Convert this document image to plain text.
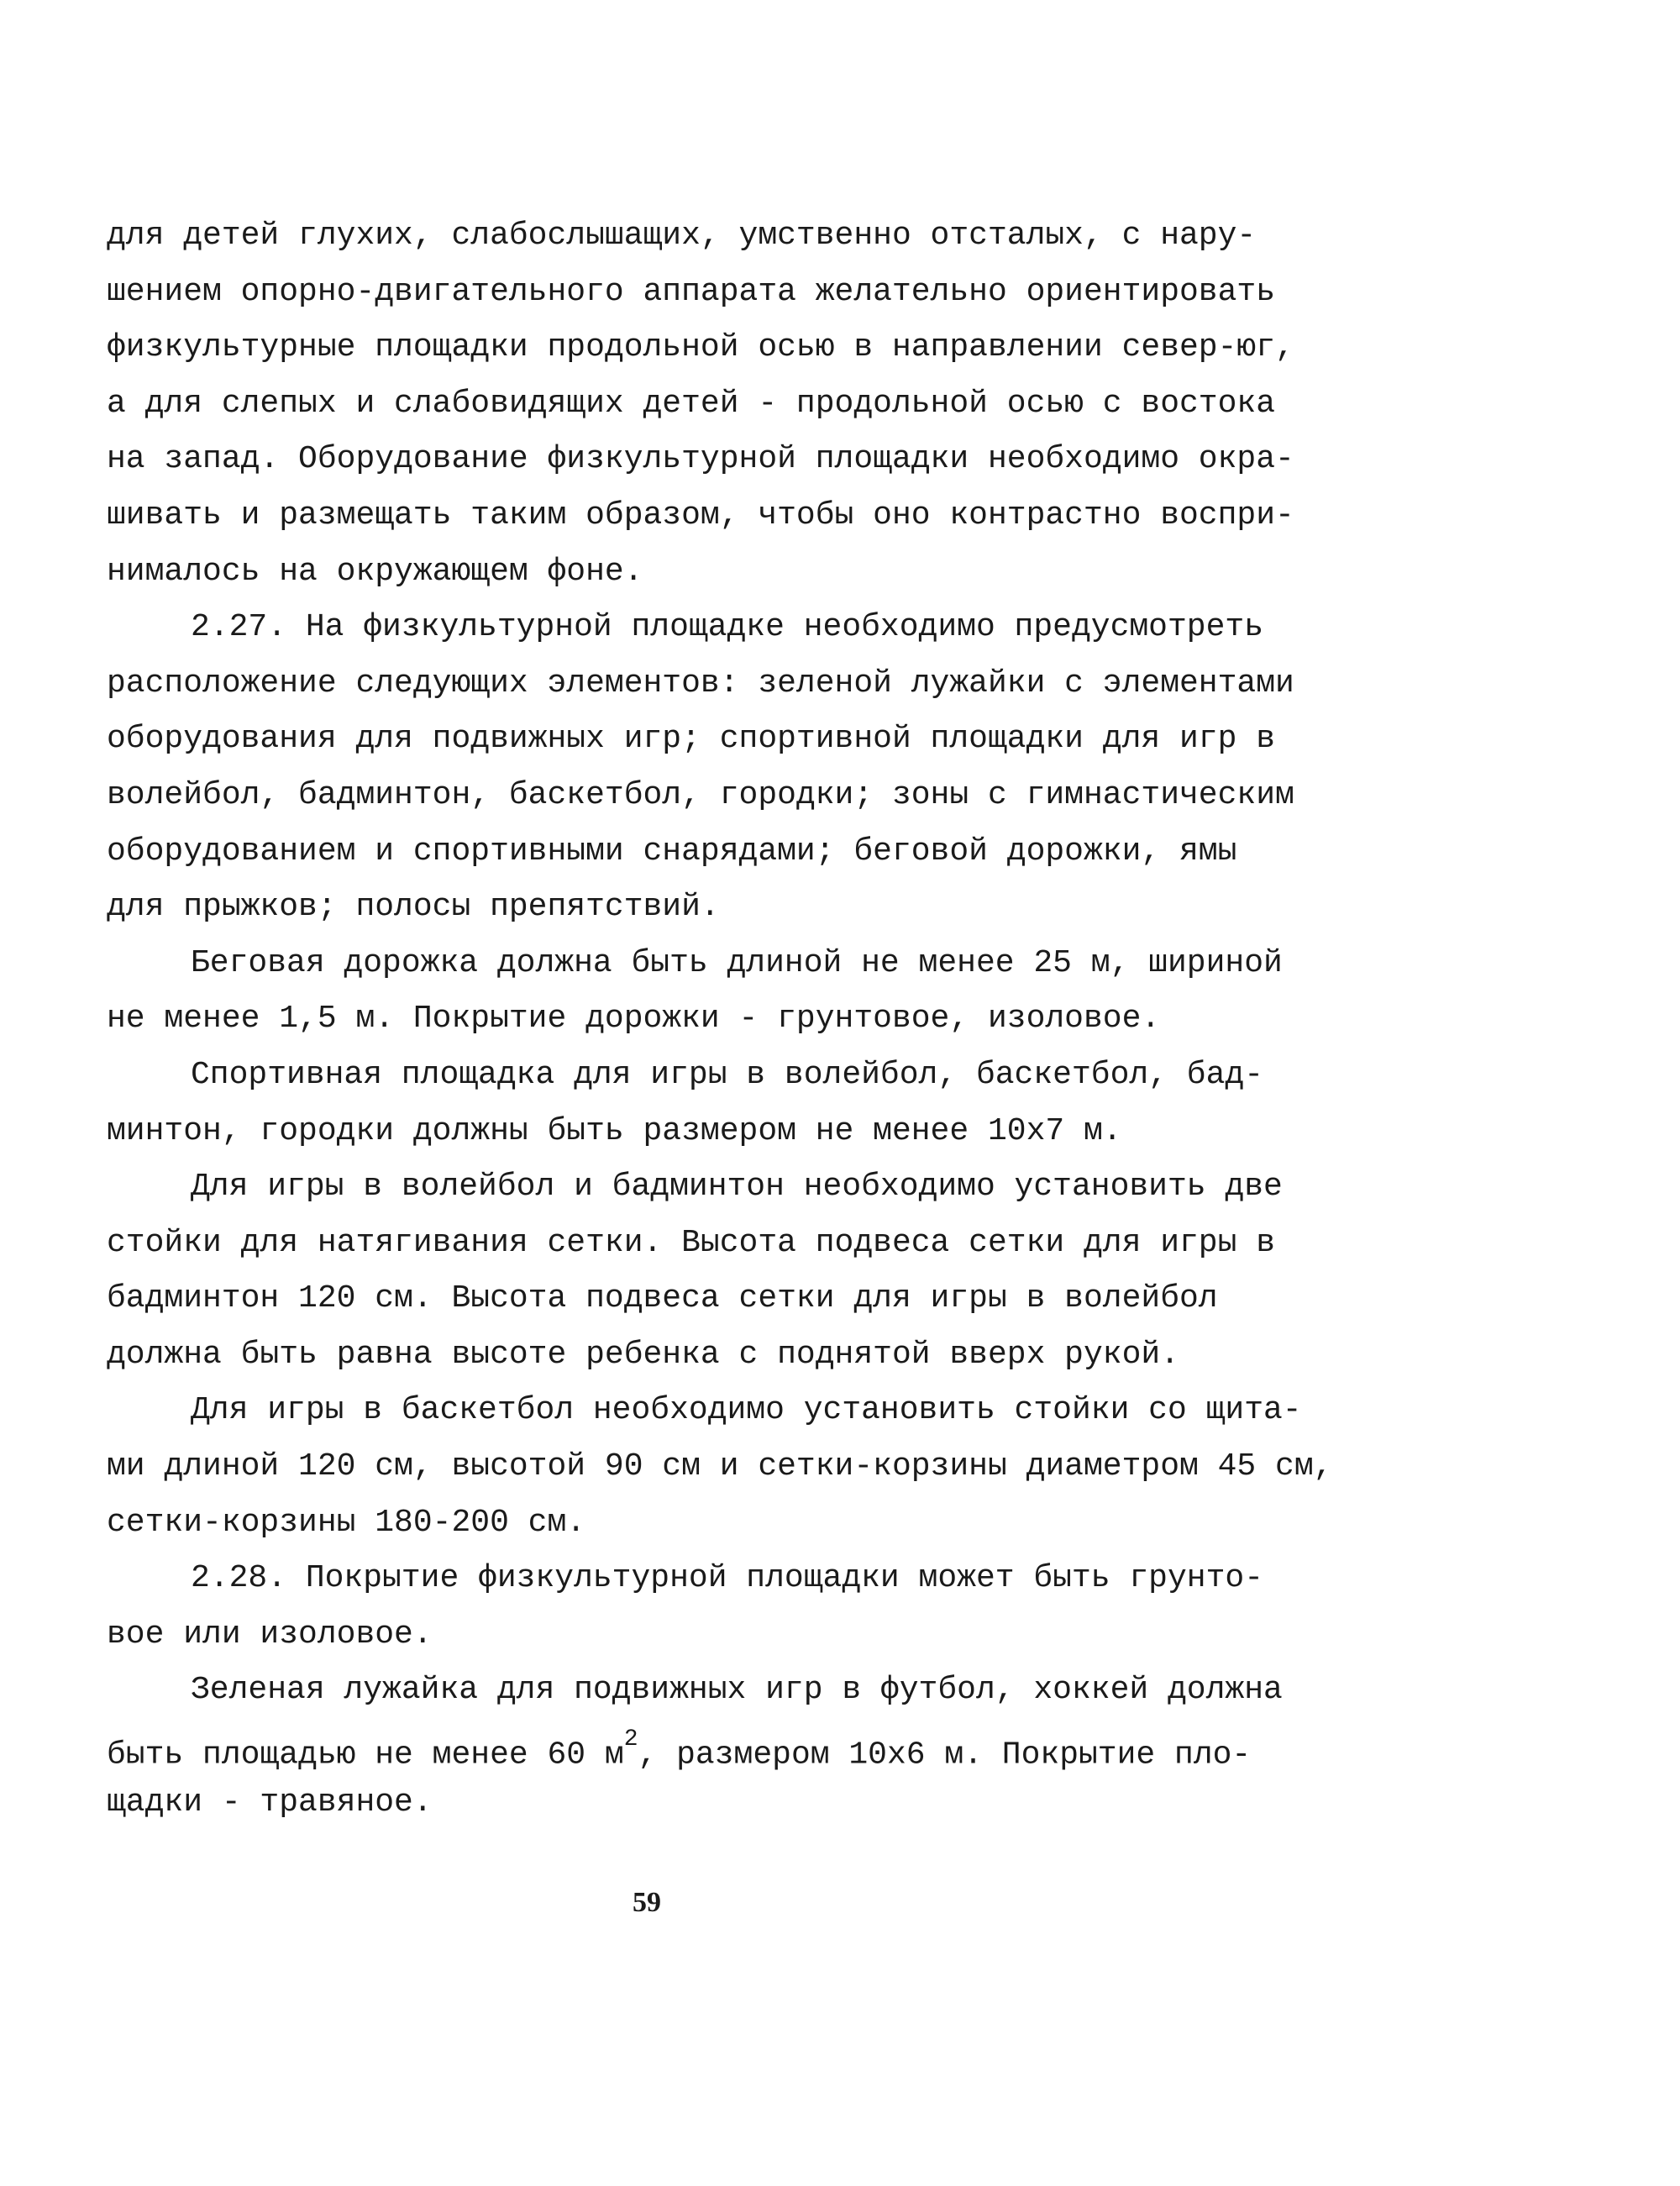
для детей глухих, слабослышащих, умственно отсталых, с нару-
шением опорно-двигательного аппарата желательно ориентировать
физкультурные площадки продольной осью в направлении север-юг,
а для слепых и слабовидящих детей - продольной осью с востока
на запад. Оборудование физкультурной площадки необходимо окра-
шивать и размещать таким образом, чтобы оно контрастно воспри-
нималось на окружающем фоне.
2.27. На физкультурной площадке необходимо предусмотреть
расположение следующих элементов: зеленой лужайки с элементами
оборудования для подвижных игр; спортивной площадки для игр в
волейбол, бадминтон, баскетбол, городки; зоны с гимнастическим
оборудованием и спортивными снарядами; беговой дорожки, ямы
для прыжков; полосы препятствий.
Беговая дорожка должна быть длиной не менее 25 м, шириной
не менее 1,5 м. Покрытие дорожки - грунтовое, изоловое.
Спортивная площадка для игры в волейбол, баскетбол, бад-
минтон, городки должны быть размером не менее 10х7 м.
Для игры в волейбол и бадминтон необходимо установить две
стойки для натягивания сетки. Высота подвеса сетки для игры в
бадминтон 120 см. Высота подвеса сетки для игры в волейбол
должна быть равна высоте ребенка с поднятой вверх рукой.
Для игры в баскетбол необходимо установить стойки со щита-
ми длиной 120 см, высотой 90 см и сетки-корзины диаметром 45 см,
сетки-корзины 180-200 см.
2.28. Покрытие физкультурной площадки может быть грунто-
вое или изоловое.
Зеленая лужайка для подвижных игр в футбол, хоккей должна
быть площадью не менее 60 $м^2$, размером 10х6 м. Покрытие пло-
щадки - травяное.
59
